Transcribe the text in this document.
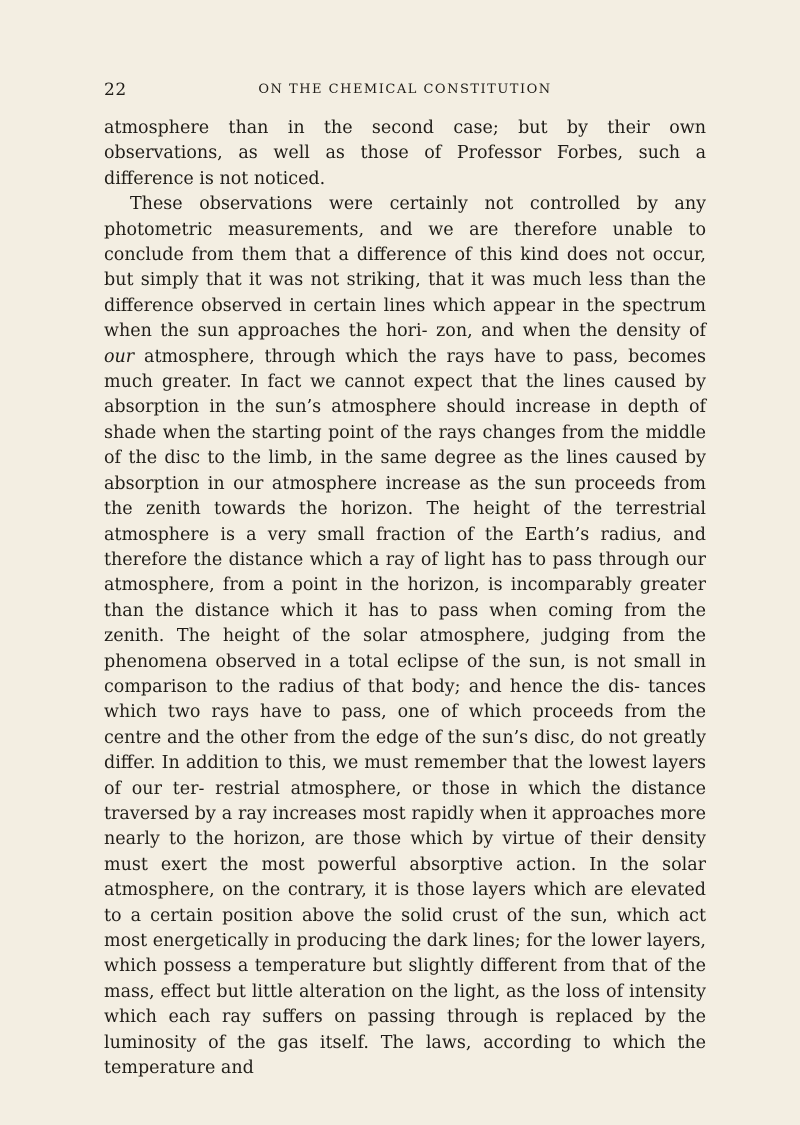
22	ON THE CHEMICAL CONSTITUTION

atmosphere than in the second case; but by their own observations, as well as those of Professor Forbes, such a difference is not noticed.

These observations were certainly not controlled by any photometric measurements, and we are therefore unable to conclude from them that a difference of this kind does not occur, but simply that it was not striking, that it was much less than the difference observed in certain lines which appear in the spectrum when the sun approaches the hori- zon, and when the density of our atmosphere, through which the rays have to pass, becomes much greater. In fact we cannot expect that the lines caused by absorption in the sun’s atmosphere should increase in depth of shade when the starting point of the rays changes from the middle of the disc to the limb, in the same degree as the lines caused by absorption in our atmosphere increase as the sun proceeds from the zenith towards the horizon. The height of the terrestrial atmosphere is a very small fraction of the Earth’s radius, and therefore the distance which a ray of light has to pass through our atmosphere, from a point in the horizon, is incomparably greater than the distance which it has to pass when coming from the zenith. The height of the solar atmosphere, judging from the phenomena observed in a total eclipse of the sun, is not small in comparison to the radius of that body; and hence the dis- tances which two rays have to pass, one of which proceeds from the centre and the other from the edge of the sun’s disc, do not greatly differ. In addition to this, we must remember that the lowest layers of our ter- restrial atmosphere, or those in which the distance traversed by a ray increases most rapidly when it approaches more nearly to the horizon, are those which by virtue of their density must exert the most powerful absorptive action. In the solar atmosphere, on the contrary, it is those layers which are elevated to a certain position above the solid crust of the sun, which act most energetically in producing the dark lines; for the lower layers, which possess a temperature but slightly different from that of the mass, effect but little alteration on the light, as the loss of intensity which each ray suffers on passing through is replaced by the luminosity of the gas itself. The laws, according to which the temperature and
